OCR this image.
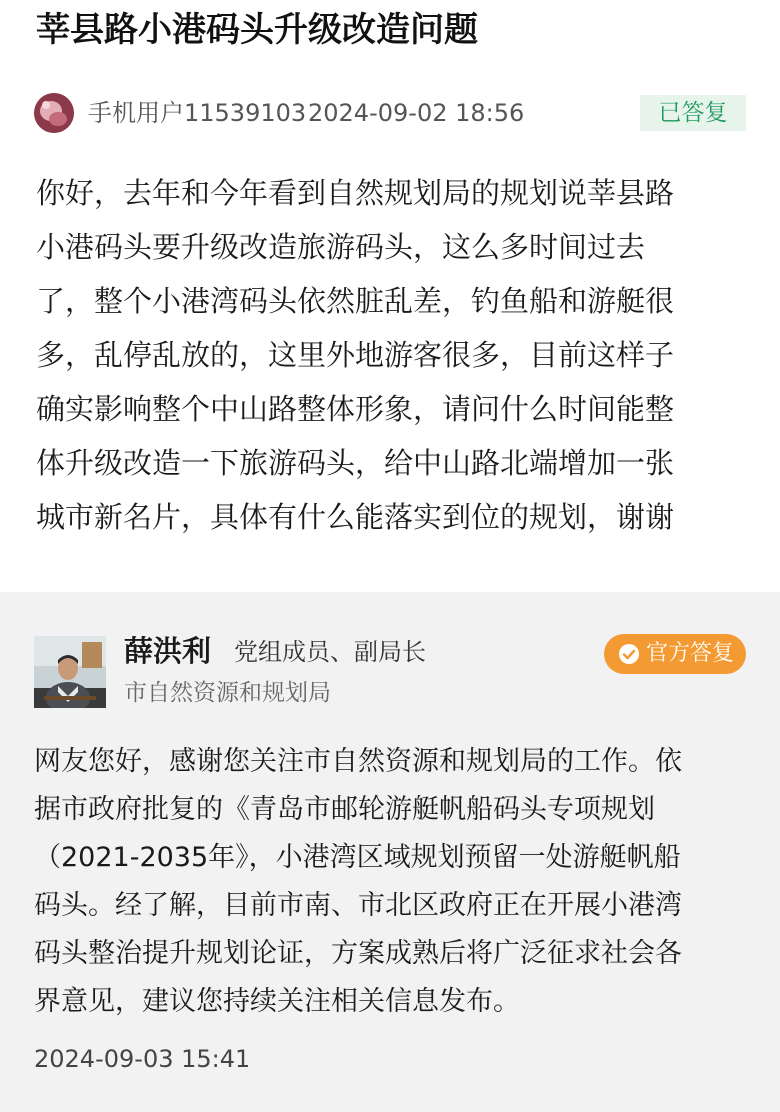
莘县路小港码头升级改造问题
手机用户11539103 2024-09-02 18:56	已答复
你好，去年和今年看到自然规划局的规划说莘县路
小港码头要升级改造旅游码头，这么多时间过去
了，整个小港湾码头依然脏乱差，钓鱼船和游艇很
多，乱停乱放的，这里外地游客很多，目前这样子
确实影响整个中山路整体形象，请问什么时间能整
体升级改造一下旅游码头，给中山路北端增加一张
城市新名片，具体有什么能落实到位的规划，谢谢
薛洪利 党组成员、副局长
市自然资源和规划局
官方答复
网友您好，感谢您关注市自然资源和规划局的工作。依
据市政府批复的《青岛市邮轮游艇帆船码头专项规划
（2021-2035年》，小港湾区域规划预留一处游艇帆船
码头。经了解，目前市南、市北区政府正在开展小港湾
码头整治提升规划论证，方案成熟后将广泛征求社会各
界意见，建议您持续关注相关信息发布。
2024-09-03 15:41
